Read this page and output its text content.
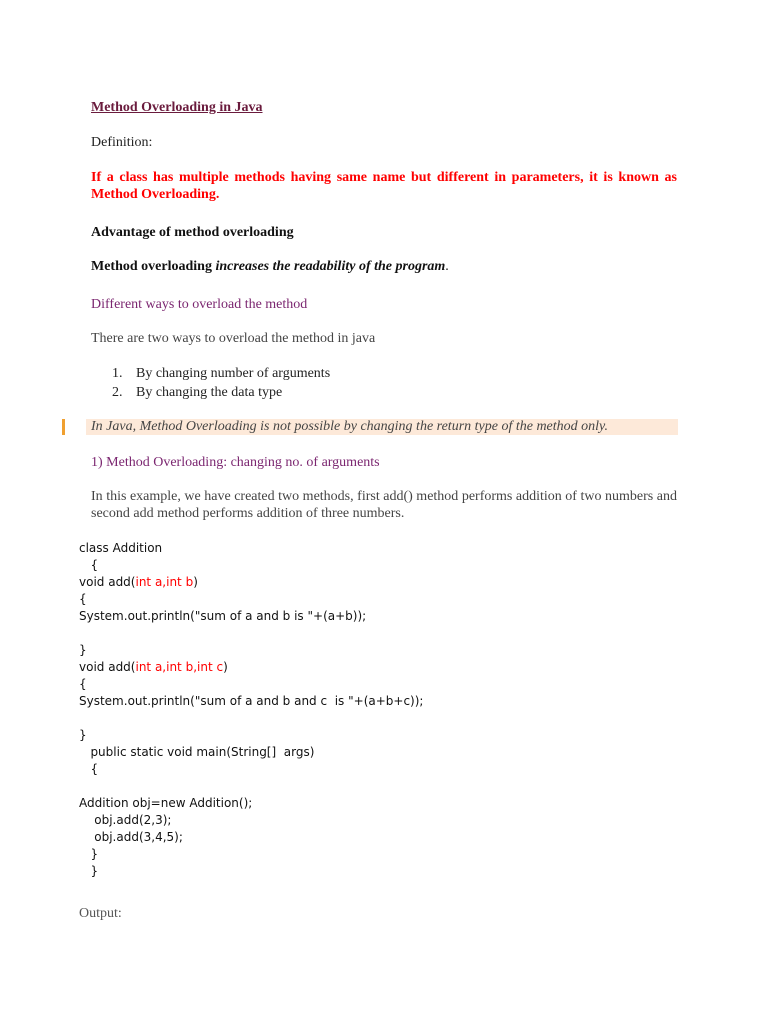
Method Overloading in Java
Definition:
If a class has multiple methods having same name but different in parameters, it is known as Method Overloading.
Advantage of method overloading
Method overloading increases the readability of the program.
Different ways to overload the method
There are two ways to overload the method in java
1. By changing number of arguments
2. By changing the data type
In Java, Method Overloading is not possible by changing the return type of the method only.
1) Method Overloading: changing no. of arguments
In this example, we have created two methods, first add() method performs addition of two numbers and second add method performs addition of three numbers.
class Addition
{
void add(int a,int b)
{
System.out.println("sum of a and b is "+(a+b));
}
void add(int a,int b,int c)
{
System.out.println("sum of a and b and c  is "+(a+b+c));
}
public static void main(String[]  args)
{
Addition obj=new Addition();
obj.add(2,3);
obj.add(3,4,5);
}
}
Output:
